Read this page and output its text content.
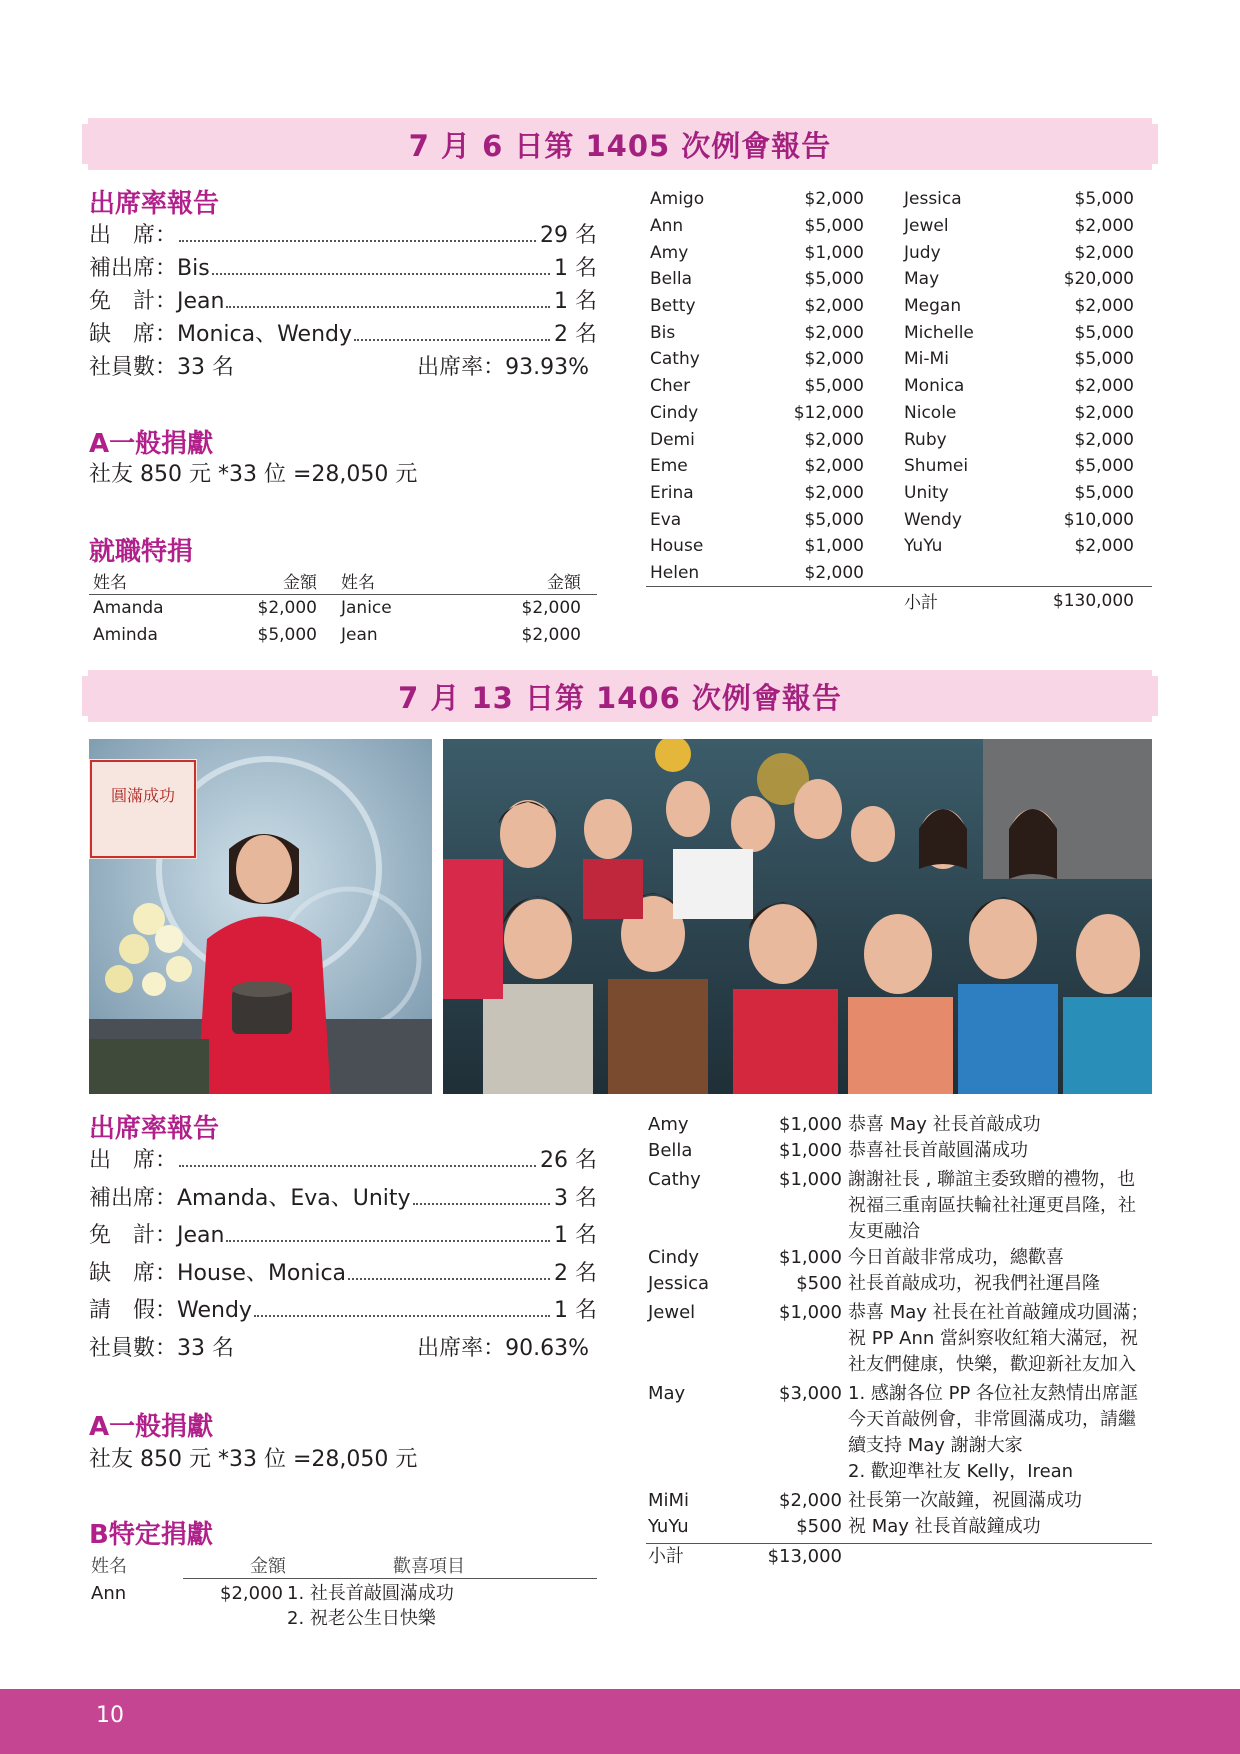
7 月 6 日第 1405 次例會報告
出席率報告
出　席：	29 名
補出席：Bis	1 名
免　計：Jean	1 名
缺　席：Monica、Wendy	2 名
社員數：33 名	出席率：93.93%
A一般捐獻
社友 850 元 *33 位 =28,050 元
就職特捐
姓名	金額 姓名	金額
Amanda	$2,000 Janice	$2,000
Aminda	$5,000 Jean	$2,000
Amigo	$2,000 Jessica	$5,000
Ann	$5,000 Jewel	$2,000
Amy	$1,000 Judy	$2,000
Bella	$5,000 May	$20,000
Betty	$2,000 Megan	$2,000
Bis	$2,000 Michelle	$5,000
Cathy	$2,000 Mi-Mi	$5,000
Cher	$5,000 Monica	$2,000
Cindy	$12,000 Nicole	$2,000
Demi	$2,000 Ruby	$2,000
Eme	$2,000 Shumei	$5,000
Erina	$2,000 Unity	$5,000
Eva	$5,000 Wendy	$10,000
House	$1,000 YuYu	$2,000
Helen	$2,000
小計	$130,000
7 月 13 日第 1406 次例會報告
圓滿成功
出席率報告
出　席：	26 名
補出席：Amanda、Eva、Unity	3 名
免　計：Jean	1 名
缺　席：House、Monica	2 名
請　假：Wendy	1 名
社員數：33 名	出席率：90.63%
A一般捐獻
社友 850 元 *33 位 =28,050 元
B特定捐獻
姓名	金額	歡喜項目
Ann	$2,000 1. 社長首敲圓滿成功
2. 祝老公生日快樂
Amy	$1,000 恭喜 May 社長首敲成功
Bella	$1,000 恭喜社長首敲圓滿成功
Cathy	$1,000 謝謝社長 , 聯誼主委致贈的禮物，也祝福三重南區扶輪社社運更昌隆，社友更融洽
Cindy	$1,000 今日首敲非常成功，總歡喜
Jessica	$500 社長首敲成功，祝我們社運昌隆
Jewel	$1,000 恭喜 May 社長在社首敲鐘成功圓滿；祝 PP Ann 當糾察收紅箱大滿冠，祝社友們健康，快樂，歡迎新社友加入
May	$3,000 1. 感謝各位 PP 各位社友熱情出席誆今天首敲例會，非常圓滿成功，請繼續支持 May 謝謝大家
2. 歡迎準社友 Kelly，Irean
MiMi	$2,000 社長第一次敲鐘，祝圓滿成功
YuYu	$500 祝 May 社長首敲鐘成功
小計	$13,000
10
